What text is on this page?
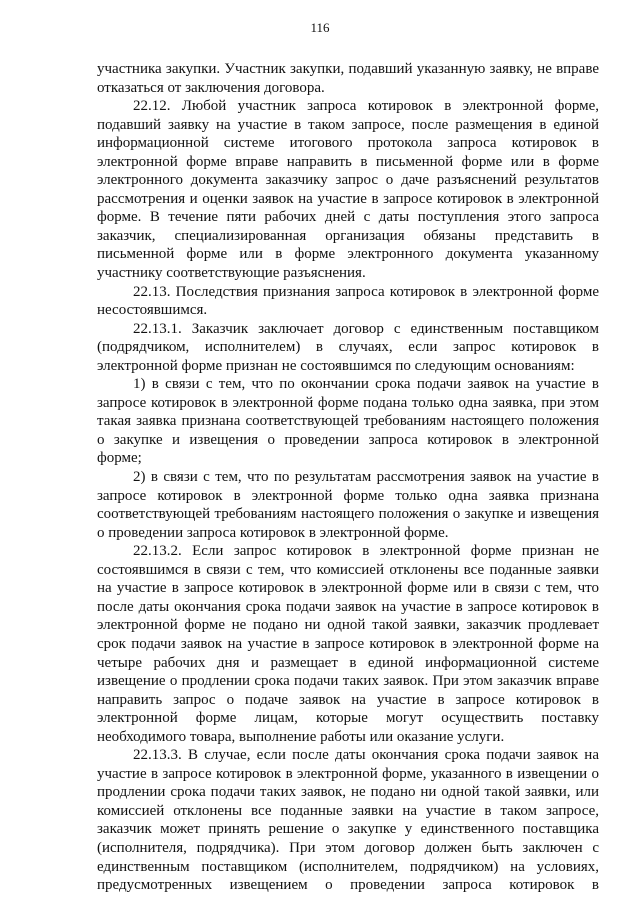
116
участника закупки. Участник закупки, подавший указанную заявку, не вправе
отказаться от заключения договора.
22.12. Любой участник запроса котировок в электронной форме,
подавший заявку на участие в таком запросе, после размещения в единой
информационной системе итогового протокола запроса котировок в
электронной форме вправе направить в письменной форме или в форме
электронного документа заказчику запрос о даче разъяснений результатов
рассмотрения и оценки заявок на участие в запросе котировок в электронной
форме. В течение пяти рабочих дней с даты поступления этого запроса
заказчик, специализированная организация обязаны представить в
письменной форме или в форме электронного документа указанному
участнику соответствующие разъяснения.
22.13. Последствия признания запроса котировок в электронной форме
несостоявшимся.
22.13.1. Заказчик заключает договор с единственным поставщиком
(подрядчиком, исполнителем) в случаях, если запрос котировок в
электронной форме признан не состоявшимся по следующим основаниям:
1) в связи с тем, что по окончании срока подачи заявок на участие в
запросе котировок в электронной форме подана только одна заявка, при этом
такая заявка признана соответствующей требованиям настоящего положения
о закупке и извещения о проведении запроса котировок в электронной
форме;
2) в связи с тем, что по результатам рассмотрения заявок на участие в
запросе котировок в электронной форме только одна заявка признана
соответствующей требованиям настоящего положения о закупке и извещения
о проведении запроса котировок в электронной форме.
22.13.2. Если запрос котировок в электронной форме признан не
состоявшимся в связи с тем, что комиссией отклонены все поданные заявки
на участие в запросе котировок в электронной форме или в связи с тем, что
после даты окончания срока подачи заявок на участие в запросе котировок в
электронной форме не подано ни одной такой заявки, заказчик продлевает
срок подачи заявок на участие в запросе котировок в электронной форме на
четыре рабочих дня и размещает в единой информационной системе
извещение о продлении срока подачи таких заявок. При этом заказчик вправе
направить запрос о подаче заявок на участие в запросе котировок в
электронной форме лицам, которые могут осуществить поставку
необходимого товара, выполнение работы или оказание услуги.
22.13.3. В случае, если после даты окончания срока подачи заявок на
участие в запросе котировок в электронной форме, указанного в извещении о
продлении срока подачи таких заявок, не подано ни одной такой заявки, или
комиссией отклонены все поданные заявки на участие в таком запросе,
заказчик может принять решение о закупке у единственного поставщика
(исполнителя, подрядчика). При этом договор должен быть заключен с
единственным поставщиком (исполнителем, подрядчиком) на условиях,
предусмотренных извещением о проведении запроса котировок в
